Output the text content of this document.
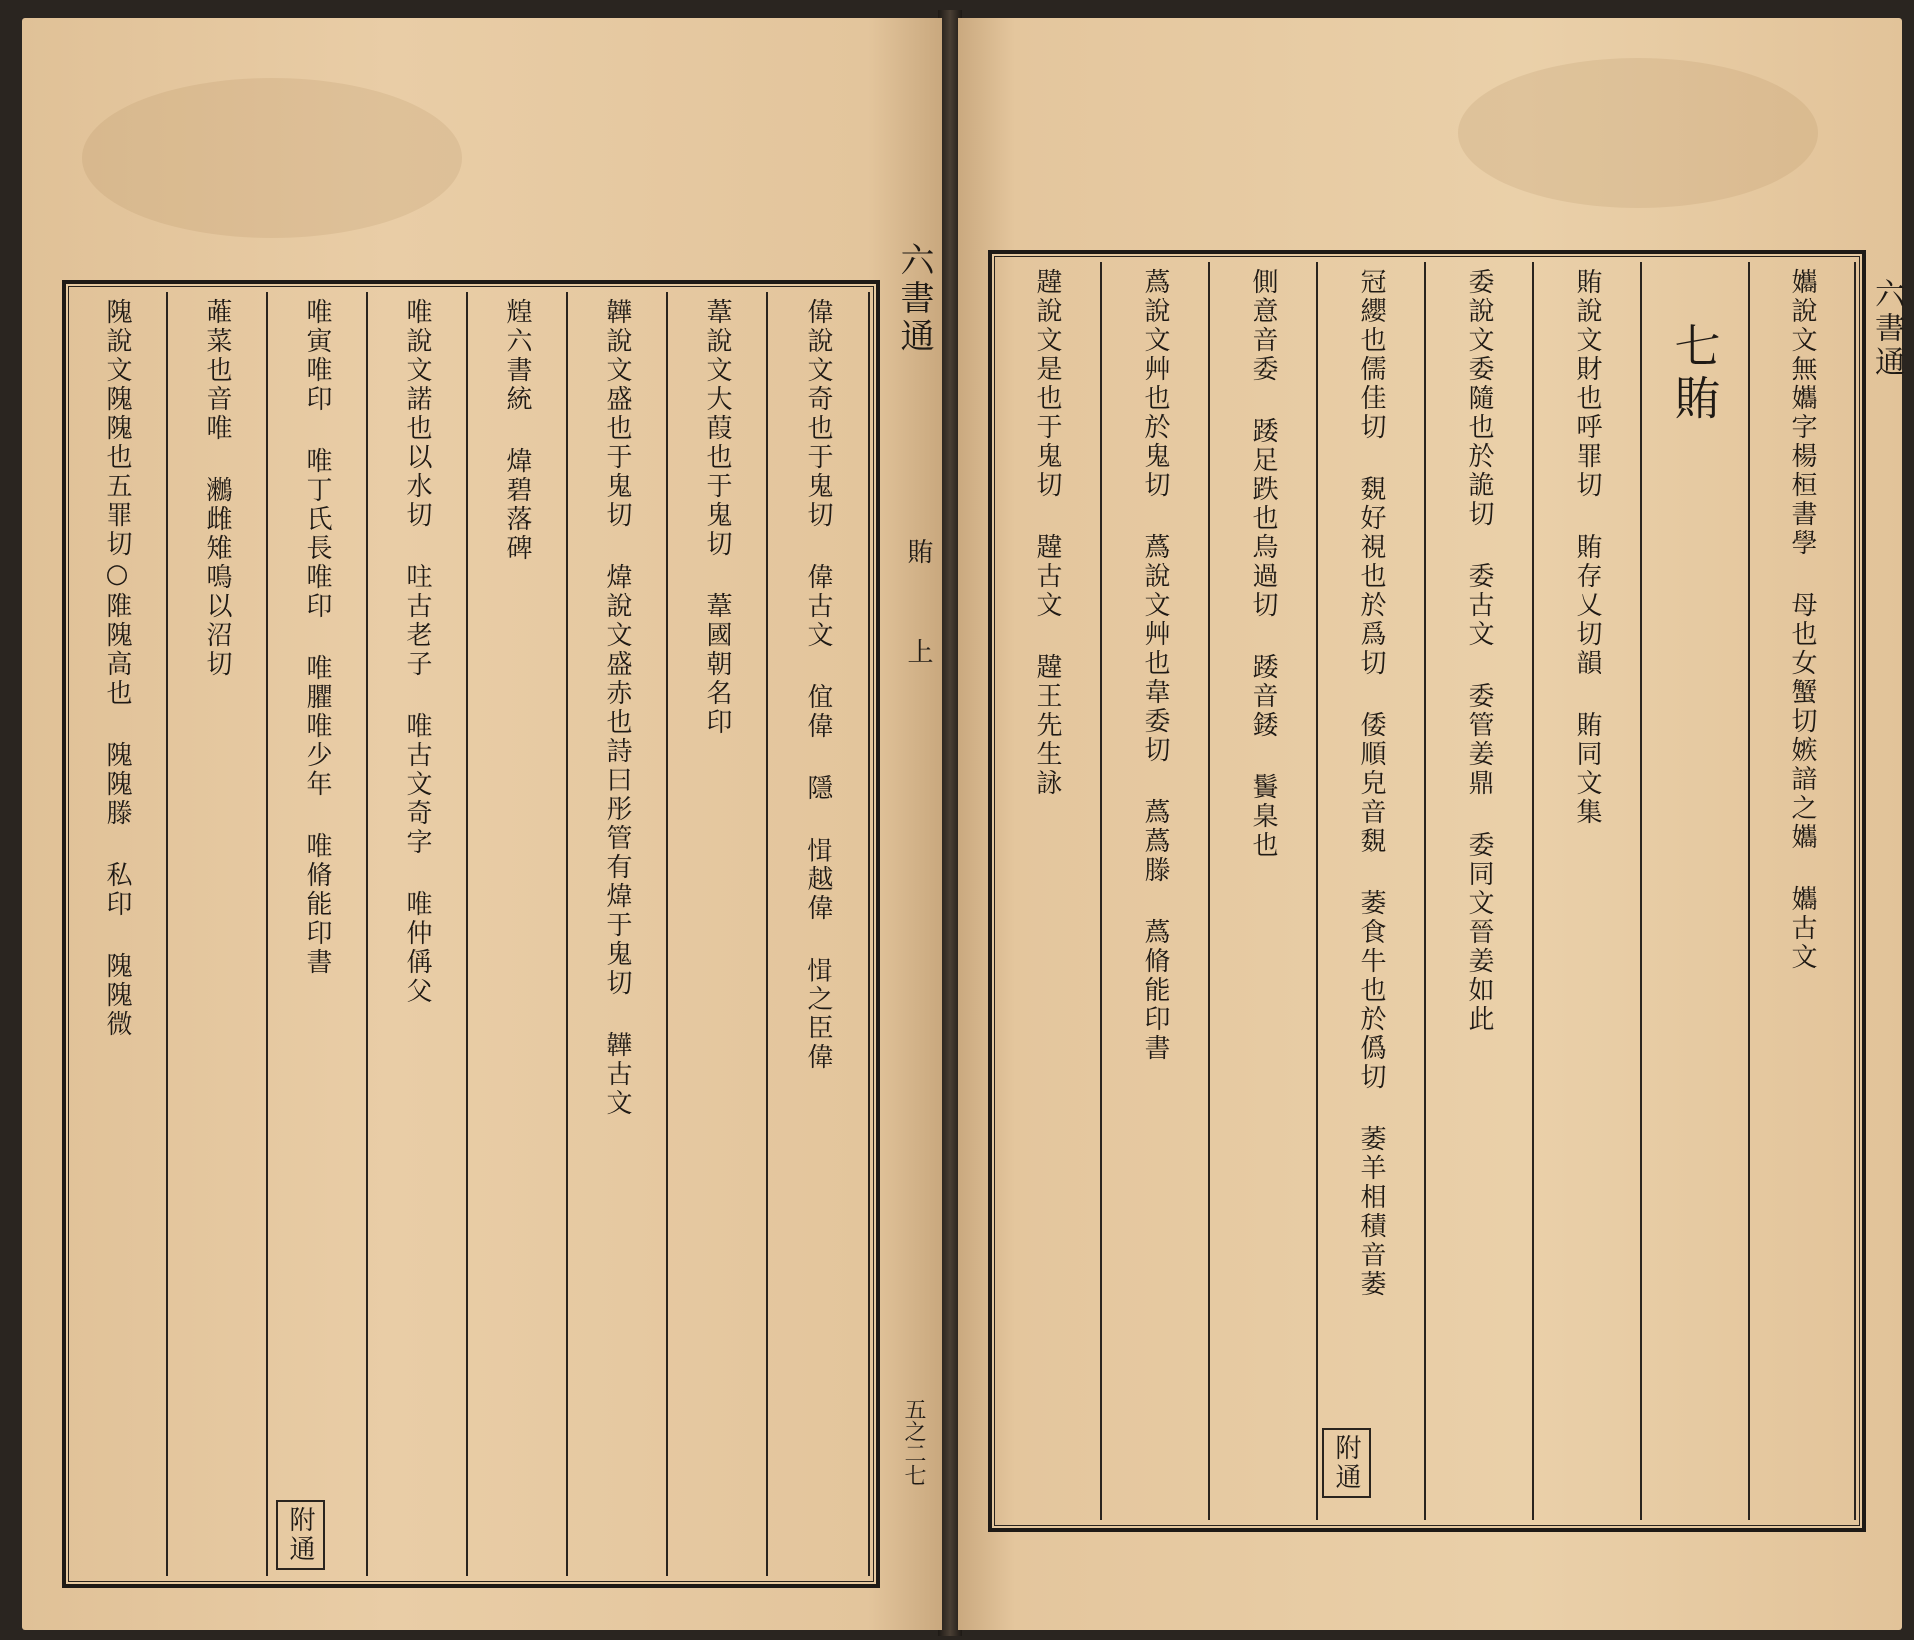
六書通
賄
上
五之二七
隗說文隗隗也五罪切○陮隗高也 隗隗滕 私印 隗隗微	蓶菜也音唯 𪆵雌雉鳴以沼切	唯寅唯印 唯丁氏長唯印 唯臞唯少年 唯脩能印書	唯說文諾也以水切 𠰍古老子 唯古文奇字 唯仲偁父	𤾗六書統 煒碧落碑	韡說文盛也于鬼切 煒說文盛赤也詩曰彤管有煒于鬼切 韡古文	葦說文大葭也于鬼切 葦國朝名印	偉說文奇也于鬼切 偉古文 𠊙偉 隱 𢜱越偉 𢜱之臣偉
附通
六書通
韙說文是也于鬼切 韙古文 韙王先生詠	蔿說文艸也於鬼切 蔿說文艸也韋委切 蔿蔿滕 蔿脩能印書	側意音委 踒足跌也烏過切 踒音錗 䰎臬也	冠纓也儒佳切 覣好視也於爲切 倭順皃音覣 萎食牛也於僞切 萎羊相積音萎	委說文委隨也於詭切 委古文 委管姜鼎 委同文晉姜如此	賄說文財也呼罪切 賄存乂切韻 賄同文集 七賄	孈說文無孈字楊桓書學 母也女蟹切嫉諳之孈 孈古文
附通
